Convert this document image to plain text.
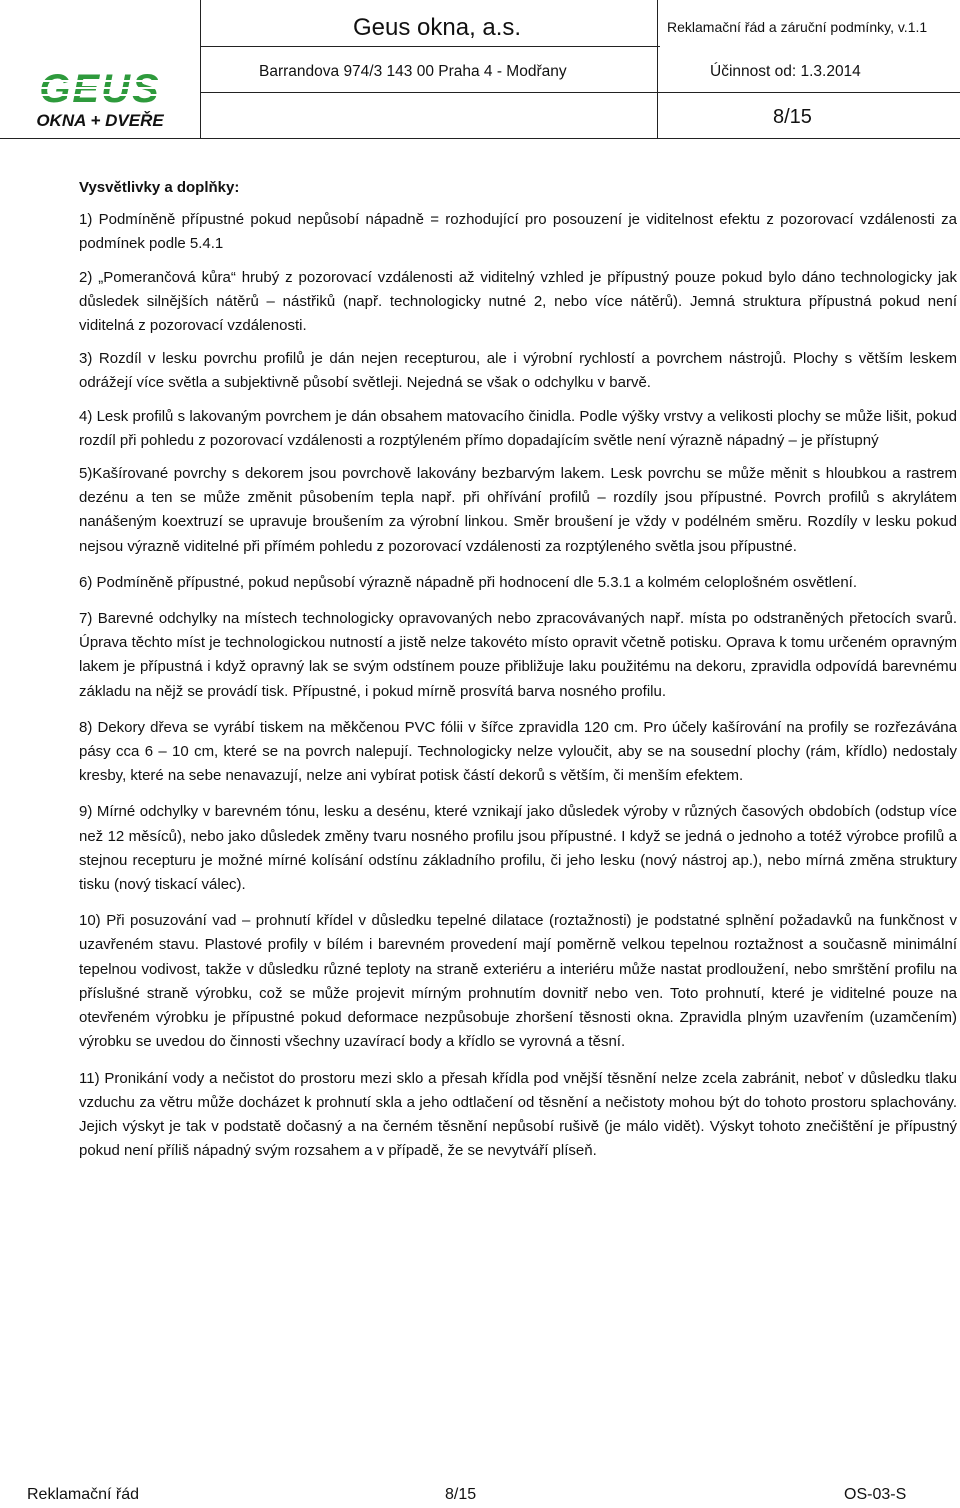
OKNA + DVEŘE
Geus okna, a.s.	Reklamační řád a záruční podmínky, v.1.1
Barrandova 974/3 143 00 Praha 4 - Modřany	Účinnost od: 1.3.2014
8/15

Vysvětlivky a doplňky:

1) Podmíněně přípustné pokud nepůsobí nápadně = rozhodující pro posouzení je viditelnost efektu z pozorovací vzdálenosti za podmínek podle 5.4.1

2) „Pomerančová kůra“ hrubý z pozorovací vzdálenosti až viditelný vzhled je přípustný pouze pokud bylo dáno technologicky jak důsledek silnějších nátěrů – nástřiků (např. technologicky nutné 2, nebo více nátěrů). Jemná struktura přípustná pokud není viditelná z pozorovací vzdálenosti.

3) Rozdíl v lesku povrchu profilů je dán nejen recepturou, ale i výrobní rychlostí a povrchem nástrojů. Plochy s větším leskem odrážejí více světla a subjektivně působí světleji. Nejedná se však o odchylku v barvě.

4) Lesk profilů s lakovaným povrchem je dán obsahem matovacího činidla. Podle výšky vrstvy a velikosti plochy se může lišit, pokud rozdíl při pohledu z pozorovací vzdálenosti a rozptýleném přímo dopadajícím světle není výrazně nápadný – je přístupný

5)Kašírované povrchy s dekorem jsou povrchově lakovány bezbarvým lakem. Lesk povrchu se může měnit s hloubkou a rastrem dezénu a ten se může změnit působením tepla např. při ohřívání profilů – rozdíly jsou přípustné. Povrch profilů s akrylátem nanášeným koextruzí se upravuje broušením za výrobní linkou. Směr broušení je vždy v podélném směru. Rozdíly v lesku pokud nejsou výrazně viditelné při přímém pohledu z pozorovací vzdálenosti za rozptýleného světla jsou přípustné.

6) Podmíněně přípustné, pokud nepůsobí výrazně nápadně při hodnocení dle 5.3.1 a kolmém celoplošném osvětlení.

7) Barevné odchylky na místech technologicky opravovaných nebo zpracovávaných např. místa po odstraněných přetocích svarů. Úprava těchto míst je technologickou nutností a jistě nelze takovéto místo opravit včetně potisku. Oprava k tomu určeném opravným lakem je přípustná i když opravný lak se svým odstínem pouze přibližuje laku použitému na dekoru, zpravidla odpovídá barevnému základu na nějž se provádí tisk. Přípustné, i pokud mírně prosvítá barva nosného profilu.

8) Dekory dřeva se vyrábí tiskem na měkčenou PVC fólii v šířce zpravidla 120 cm. Pro účely kašírování na profily se rozřezávána pásy cca 6 – 10 cm, které se na povrch nalepují. Technologicky nelze vyloučit, aby se na sousední plochy (rám, křídlo) nedostaly kresby, které na sebe nenavazují, nelze ani vybírat potisk částí dekorů s větším, či menším efektem.

9) Mírné odchylky v barevném tónu, lesku a desénu, které vznikají jako důsledek výroby v různých časových obdobích (odstup více než 12 měsíců), nebo jako důsledek změny tvaru nosného profilu jsou přípustné. I když se jedná o jednoho a totéž výrobce profilů a stejnou recepturu je možné mírné kolísání odstínu základního profilu, či jeho lesku (nový nástroj ap.), nebo mírná změna struktury tisku (nový tiskací válec).

10) Při posuzování vad – prohnutí křídel v důsledku tepelné dilatace (roztažnosti) je podstatné splnění požadavků na funkčnost v uzavřeném stavu. Plastové profily v bílém i barevném provedení mají poměrně velkou tepelnou roztažnost a současně minimální tepelnou vodivost, takže v důsledku různé teploty na straně exteriéru a interiéru může nastat prodloužení, nebo smrštění profilu na příslušné straně výrobku, což se může projevit mírným prohnutím dovnitř nebo ven. Toto prohnutí, které je viditelné pouze na otevřeném výrobku je přípustné pokud deformace nezpůsobuje zhoršení těsnosti okna. Zpravidla plným uzavřením (uzamčením) výrobku se uvedou do činnosti všechny uzavírací body a křídlo se vyrovná a těsní.

11) Pronikání vody a nečistot do prostoru mezi sklo a přesah křídla pod vnější těsnění nelze zcela zabránit, neboť v důsledku tlaku vzduchu za větru může docházet k prohnutí skla a jeho odtlačení od těsnění a nečistoty mohou být do tohoto prostoru splachovány. Jejich výskyt je tak v podstatě dočasný a na černém těsnění nepůsobí rušivě (je málo vidět). Výskyt tohoto znečištění je přípustný pokud není příliš nápadný svým rozsahem a v případě, že se nevytváří plíseň.

Reklamační řád	8/15	OS-03-S
